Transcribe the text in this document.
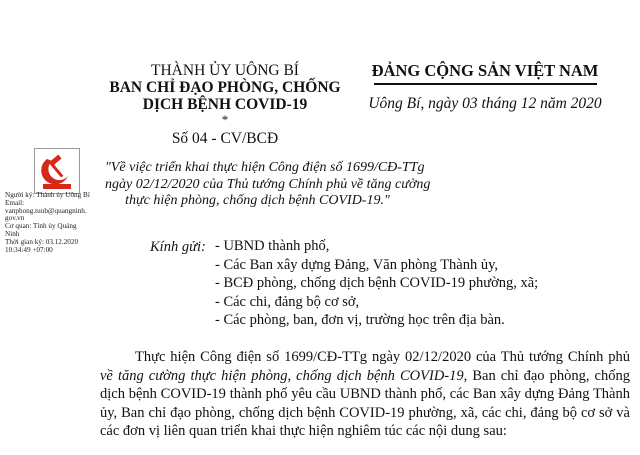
THÀNH ỦY UÔNG BÍ
BAN CHỈ ĐẠO PHÒNG, CHỐNG
DỊCH BỆNH COVID-19
*
Số 04 - CV/BCĐ
ĐẢNG CỘNG SẢN VIỆT NAM
Uông Bí, ngày 03 tháng 12 năm 2020
Người ký: Thành ủy Uông Bí
Email:
vanphong.tuub@quangninh.gov.vn
Cơ quan: Tỉnh ủy Quảng Ninh
Thời gian ký: 03.12.2020 10:34:49 +07:00
"Về việc triển khai thực hiện Công điện số 1699/CĐ-TTg
ngày 02/12/2020 của Thủ tướng Chính phủ về tăng cường
thực hiện phòng, chống dịch bệnh COVID-19."
Kính gửi: - UBND thành phố,
- Các Ban xây dựng Đảng, Văn phòng Thành ủy,
- BCĐ phòng, chống dịch bệnh COVID-19 phường, xã;
- Các chi, đảng bộ cơ sở,
- Các phòng, ban, đơn vị, trường học trên địa bàn.
Thực hiện Công điện số 1699/CĐ-TTg ngày 02/12/2020 của Thủ tướng Chính phủ về tăng cường thực hiện phòng, chống dịch bệnh COVID-19, Ban chỉ đạo phòng, chống dịch bệnh COVID-19 thành phố yêu cầu UBND thành phố, các Ban xây dựng Đảng Thành ủy, Ban chỉ đạo phòng, chống dịch bệnh COVID-19 phường, xã, các chi, đảng bộ cơ sở và các đơn vị liên quan triển khai thực hiện nghiêm túc các nội dung sau:
